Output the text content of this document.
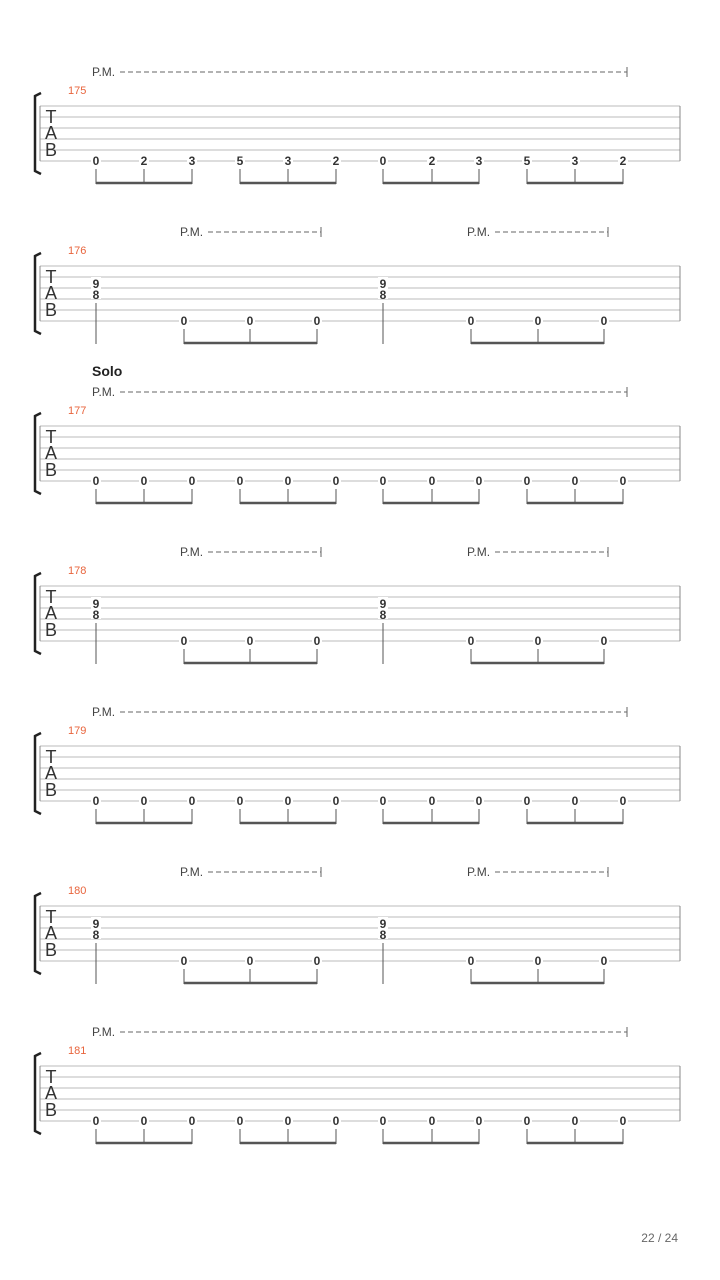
T
A
B
175
P.M.
0	2	3	5	3	2	0	2	3	5	3	2
T
A
B
176
P.M.	P.M.
9
8
0	0	0
9
8
0	0	0
T
A
B
177
Solo
P.M.
0	0	0	0	0	0	0	0	0	0	0	0
T
A
B
178
P.M.	P.M.
9
8
0	0	0
9
8
0	0	0
T
A
B
179
P.M.
0	0	0	0	0	0	0	0	0	0	0	0
T
A
B
180
P.M.	P.M.
9
8
0	0	0
9
8
0	0	0
T
A
B
181
P.M.
0	0	0	0	0	0	0	0	0	0	0	0
22 / 24
